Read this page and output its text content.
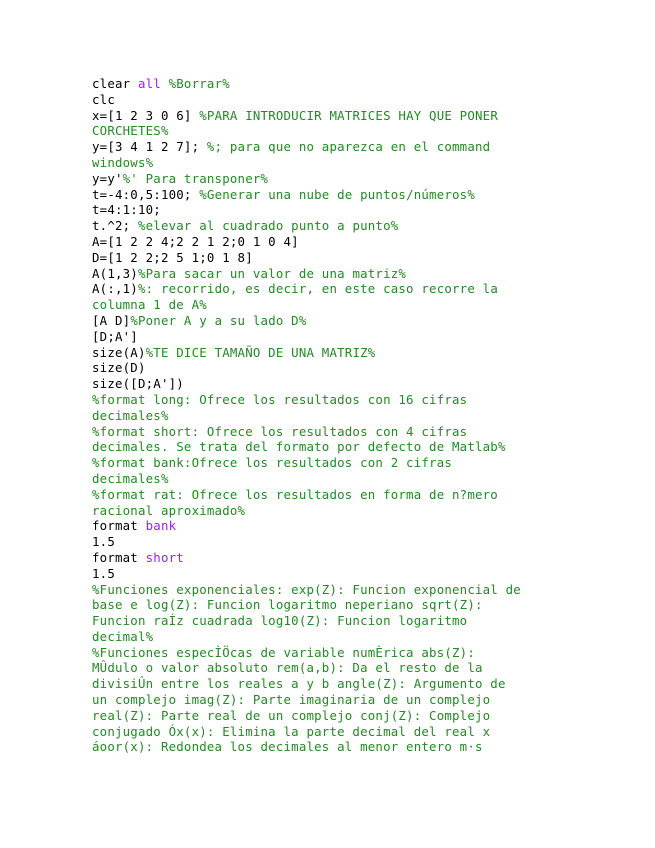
clear all %Borrar%
clc
x=[1 2 3 0 6] %PARA INTRODUCIR MATRICES HAY QUE PONER
CORCHETES%
y=[3 4 1 2 7]; %; para que no aparezca en el command
windows%
y=y'%' Para transponer%
t=-4:0,5:100; %Generar una nube de puntos/números%
t=4:1:10;
t.^2; %elevar al cuadrado punto a punto%
A=[1 2 2 4;2 2 1 2;0 1 0 4]
D=[1 2 2;2 5 1;0 1 8]
A(1,3)%Para sacar un valor de una matriz%
A(:,1)%: recorrido, es decir, en este caso recorre la
columna 1 de A%
[A D]%Poner A y a su lado D%
[D;A']
size(A)%TE DICE TAMAÑO DE UNA MATRIZ%
size(D)
size([D;A'])
%format long: Ofrece los resultados con 16 cifras
decimales%
%format short: Ofrece los resultados con 4 cifras
decimales. Se trata del formato por defecto de Matlab%
%format bank:Ofrece los resultados con 2 cifras
decimales%
%format rat: Ofrece los resultados en forma de n?mero
racional aproximado%
format bank
1.5
format short
1.5
%Funciones exponenciales: exp(Z): Funcion exponencial de
base e log(Z): Funcion logaritmo neperiano sqrt(Z):
Funcion raÍz cuadrada log10(Z): Funcion logaritmo
decimal%
%Funciones especÌÖcas de variable numÈrica abs(Z):
MÛdulo o valor absoluto rem(a,b): Da el resto de la
divisiÛn entre los reales a y b angle(Z): Argumento de
un complejo imag(Z): Parte imaginaria de un complejo
real(Z): Parte real de un complejo conj(Z): Complejo
conjugado Óx(x): Elimina la parte decimal del real x
áoor(x): Redondea los decimales al menor entero m·s
